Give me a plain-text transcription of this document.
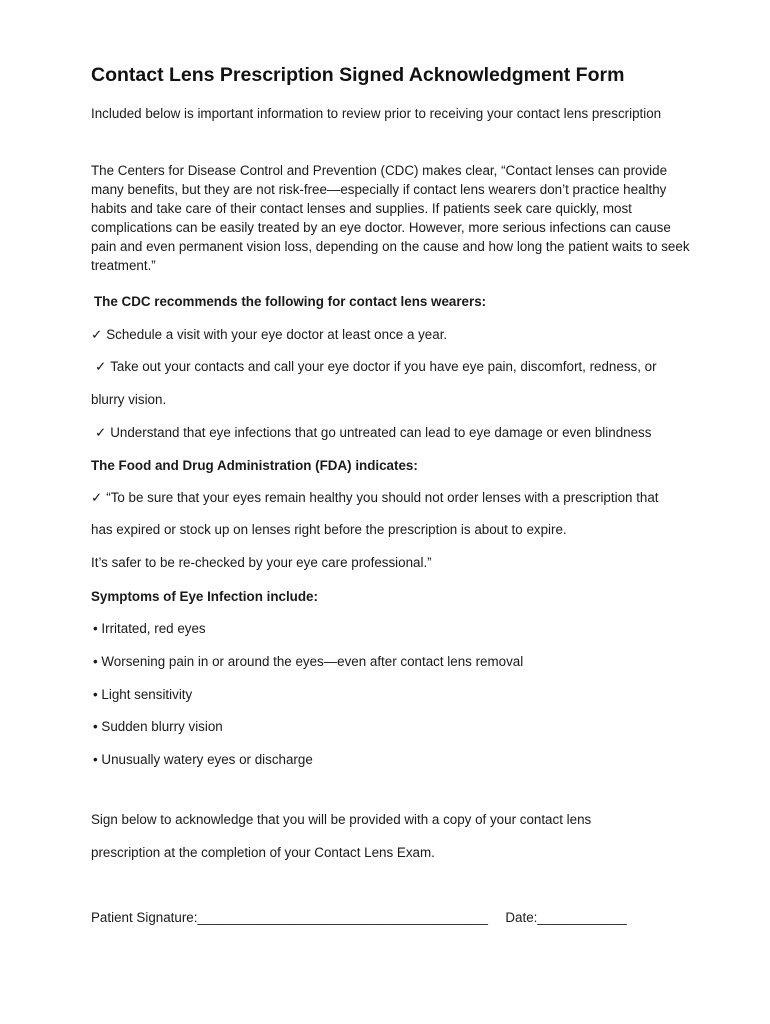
Contact Lens Prescription Signed Acknowledgment Form

Included below is important information to review prior to receiving your contact lens prescription

The Centers for Disease Control and Prevention (CDC) makes clear, “Contact lenses can provide many benefits, but they are not risk-free—especially if contact lens wearers don’t practice healthy habits and take care of their contact lenses and supplies. If patients seek care quickly, most complications can be easily treated by an eye doctor. However, more serious infections can cause pain and even permanent vision loss, depending on the cause and how long the patient waits to seek treatment.”

The CDC recommends the following for contact lens wearers:
✓ Schedule a visit with your eye doctor at least once a year.
✓ Take out your contacts and call your eye doctor if you have eye pain, discomfort, redness, or
blurry vision.
✓ Understand that eye infections that go untreated can lead to eye damage or even blindness
The Food and Drug Administration (FDA) indicates:
✓ “To be sure that your eyes remain healthy you should not order lenses with a prescription that
has expired or stock up on lenses right before the prescription is about to expire.
It’s safer to be re-checked by your eye care professional.”
Symptoms of Eye Infection include:
• Irritated, red eyes
• Worsening pain in or around the eyes—even after contact lens removal
• Light sensitivity
• Sudden blurry vision
• Unusually watery eyes or discharge
Sign below to acknowledge that you will be provided with a copy of your contact lens
prescription at the completion of your Contact Lens Exam.
Patient Signature:_______________________________________ Date:____________
